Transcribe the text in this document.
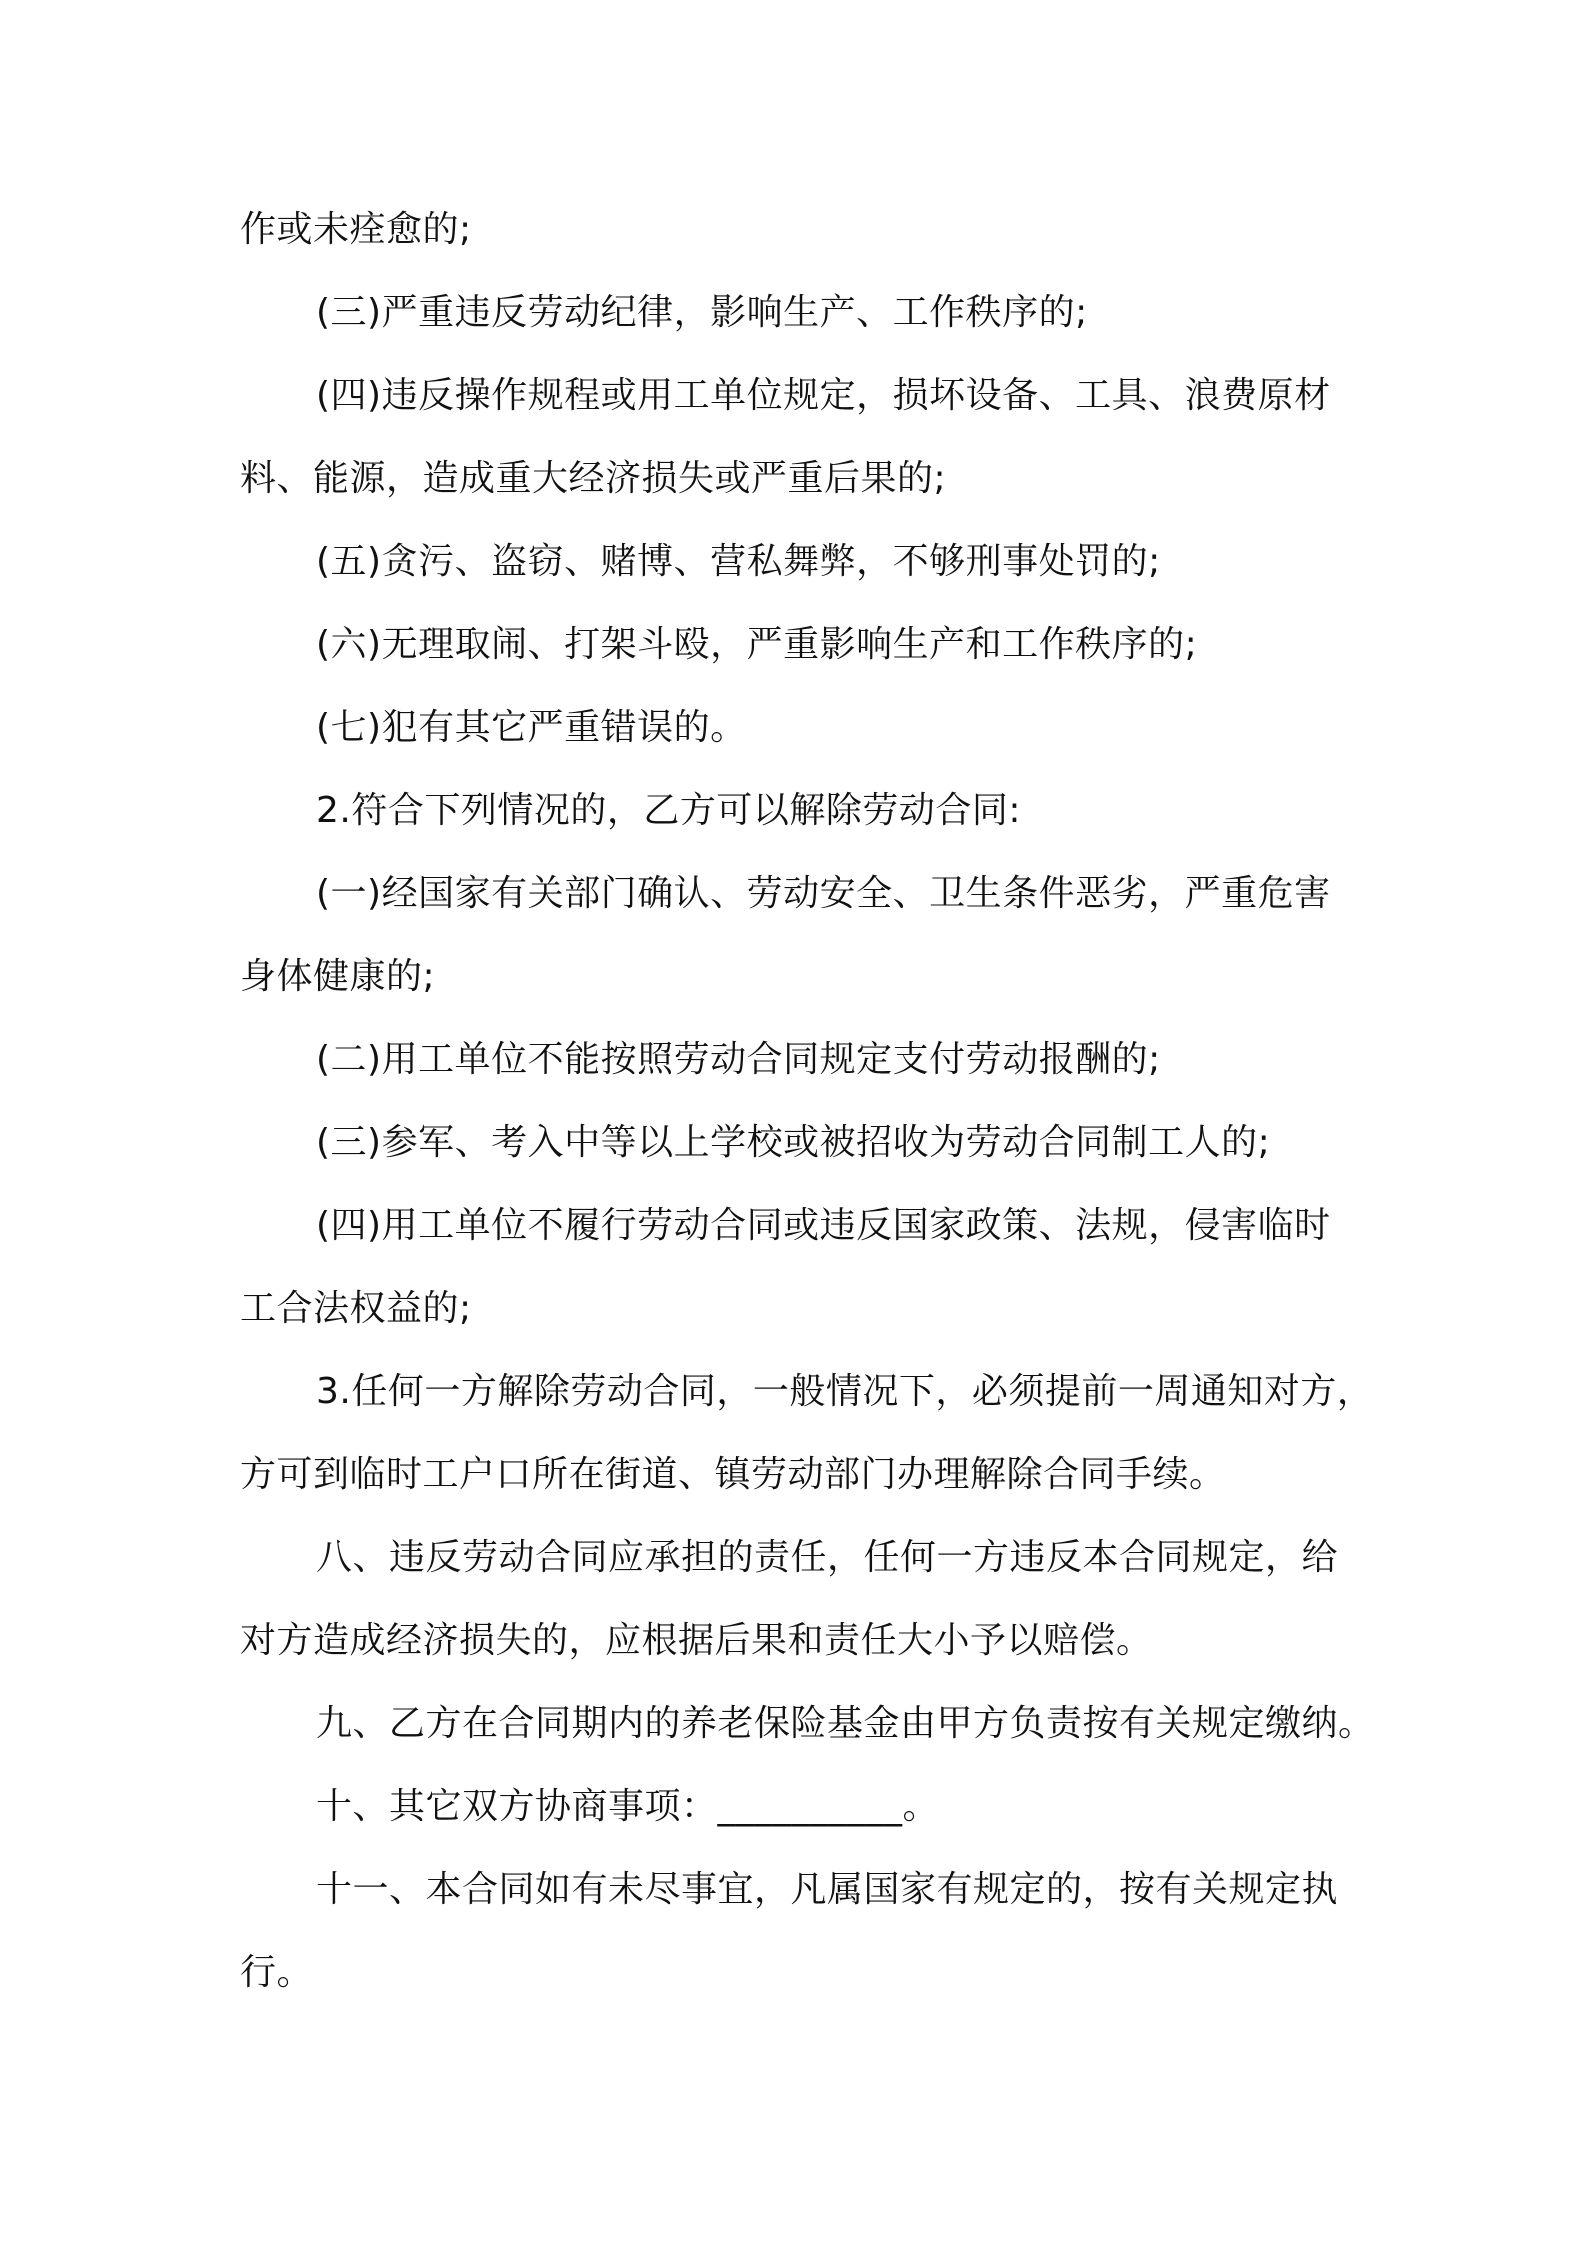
作或未痊愈的;
(三)严重违反劳动纪律，影响生产、工作秩序的;
(四)违反操作规程或用工单位规定，损坏设备、工具、浪费原材
料、能源，造成重大经济损失或严重后果的;
(五)贪污、盗窃、赌博、营私舞弊，不够刑事处罚的;
(六)无理取闹、打架斗殴，严重影响生产和工作秩序的;
(七)犯有其它严重错误的。
2.符合下列情况的，乙方可以解除劳动合同:
(一)经国家有关部门确认、劳动安全、卫生条件恶劣，严重危害
身体健康的;
(二)用工单位不能按照劳动合同规定支付劳动报酬的;
(三)参军、考入中等以上学校或被招收为劳动合同制工人的;
(四)用工单位不履行劳动合同或违反国家政策、法规，侵害临时
工合法权益的;
3.任何一方解除劳动合同，一般情况下，必须提前一周通知对方，
方可到临时工户口所在街道、镇劳动部门办理解除合同手续。
八、违反劳动合同应承担的责任，任何一方违反本合同规定，给
对方造成经济损失的，应根据后果和责任大小予以赔偿。
九、乙方在合同期内的养老保险基金由甲方负责按有关规定缴纳。
十、其它双方协商事项：__________。
十一、本合同如有未尽事宜，凡属国家有规定的，按有关规定执
行。
